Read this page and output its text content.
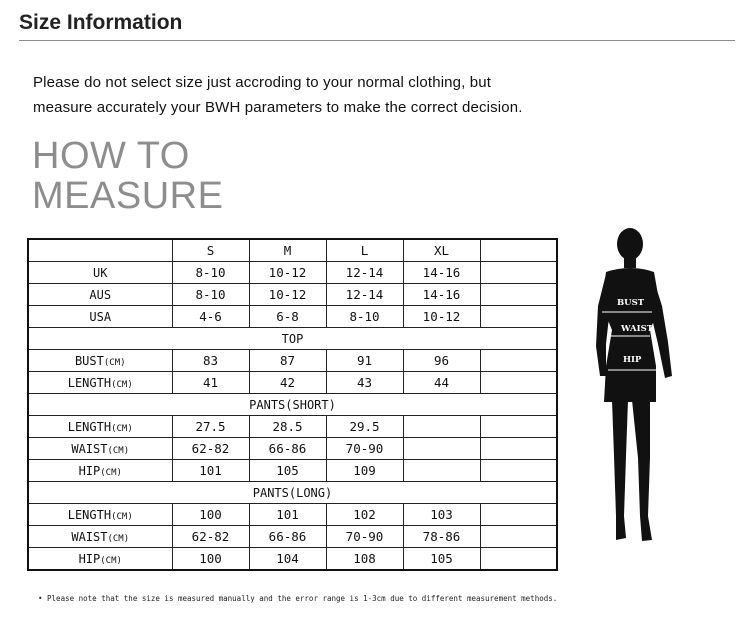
Size Information
Please do not select size just accroding to your normal clothing, but
measure accurately your BWH parameters to make the correct decision.
HOW TO
MEASURE
	S	M	L	XL	
UK	8-10	10-12	12-14	14-16	
AUS	8-10	10-12	12-14	14-16	
USA	4-6	6-8	8-10	10-12	
TOP					
BUST(CM)	83	87	91	96	
LENGTH(CM)	41	42	43	44	
PANTS(SHORT)					
LENGTH(CM)	27.5	28.5	29.5		
WAIST(CM)	62-82	66-86	70-90		
HIP(CM)	101	105	109		
PANTS(LONG)					
LENGTH(CM)	100	101	102	103	
WAIST(CM)	62-82	66-86	70-90	78-86	
HIP(CM)	100	104	108	105	
BUST
WAIST
HIP
• Please note that the size is measured manually and the error range is 1-3cm due to different measurement methods.
